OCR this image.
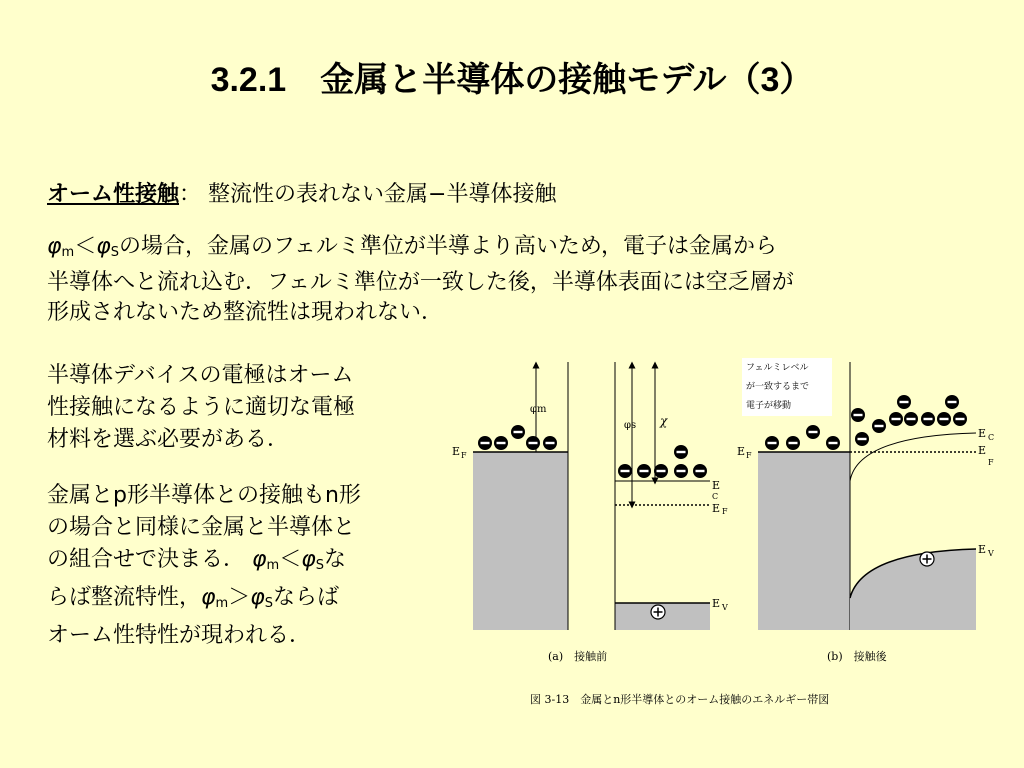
3.2.1　金属と半導体の接触モデル（3）
オーム性接触： 整流性の表れない金属−半導体接触
$\varphi_m<\varphi_S$の場合，金属のフェルミ準位が半導より高いため，電子は金属から
半導体へと流れ込む．フェルミ準位が一致した後，半導体表面には空乏層が
形成されないため整流牲は現われない．
半導体デバイスの電極はオーム
性接触になるように適切な電極
材料を選ぶ必要がある．
金属とp形半導体との接触もn形
の場合と同様に金属と半導体と
の組合せで決まる． $\varphi_m<\varphi_S$な
らば整流特性，$\varphi_m>\varphi_S$ならば
オーム性特性が現われる．
E F
φm
φs χ
E
C
E F
E V
(a)　接触前
E F
E C
E
F
E V
フェルミレベル
が一致するまで
電子が移動
(b)　接触後
図 3-13　金属とn形半導体とのオーム接触のエネルギー帯図
